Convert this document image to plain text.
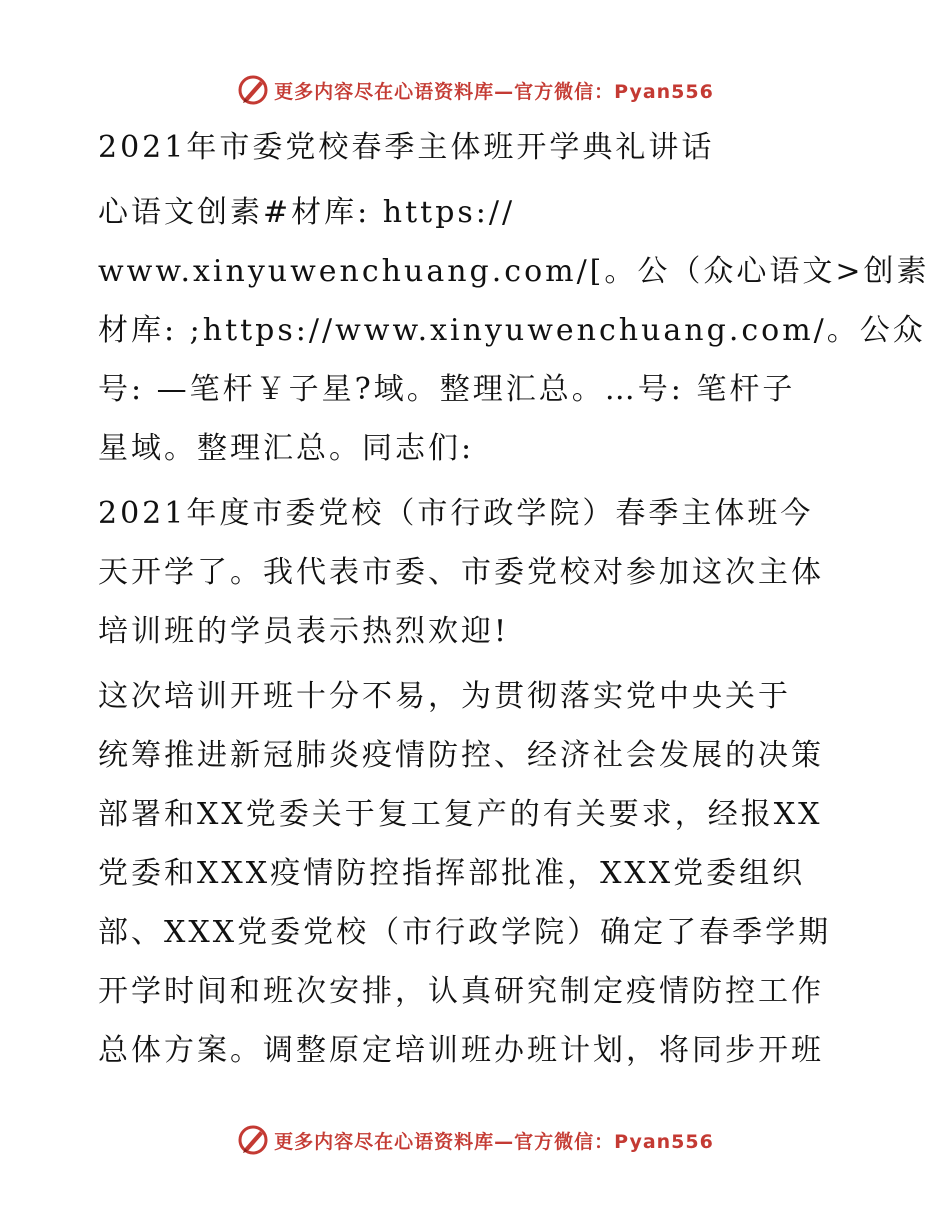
更多内容尽在心语资料库— 官方微信：Pyan556
2021年市委党校春季主体班开学典礼讲话
心语文创素#材库: https://
www.xinyuwenchuang.com/[。公（众心语文>创素
材库: ;https://www.xinyuwenchuang.com/。公众
号: —笔杆￥子星?域。整理汇总。…号: 笔杆子
星域。整理汇总。同志们:
2021年度市委党校（市行政学院）春季主体班今
天开学了。我代表市委、市委党校对参加这次主体
培训班的学员表示热烈欢迎!
这次培训开班十分不易，为贯彻落实党中央关于
统筹推进新冠肺炎疫情防控、经济社会发展的决策
部署和XX党委关于复工复产的有关要求，经报XX
党委和XXX疫情防控指挥部批准，XXX党委组织
部、XXX党委党校（市行政学院）确定了春季学期
开学时间和班次安排，认真研究制定疫情防控工作
总体方案。调整原定培训班办班计划，将同步开班
更多内容尽在心语资料库— 官方微信：Pyan556
